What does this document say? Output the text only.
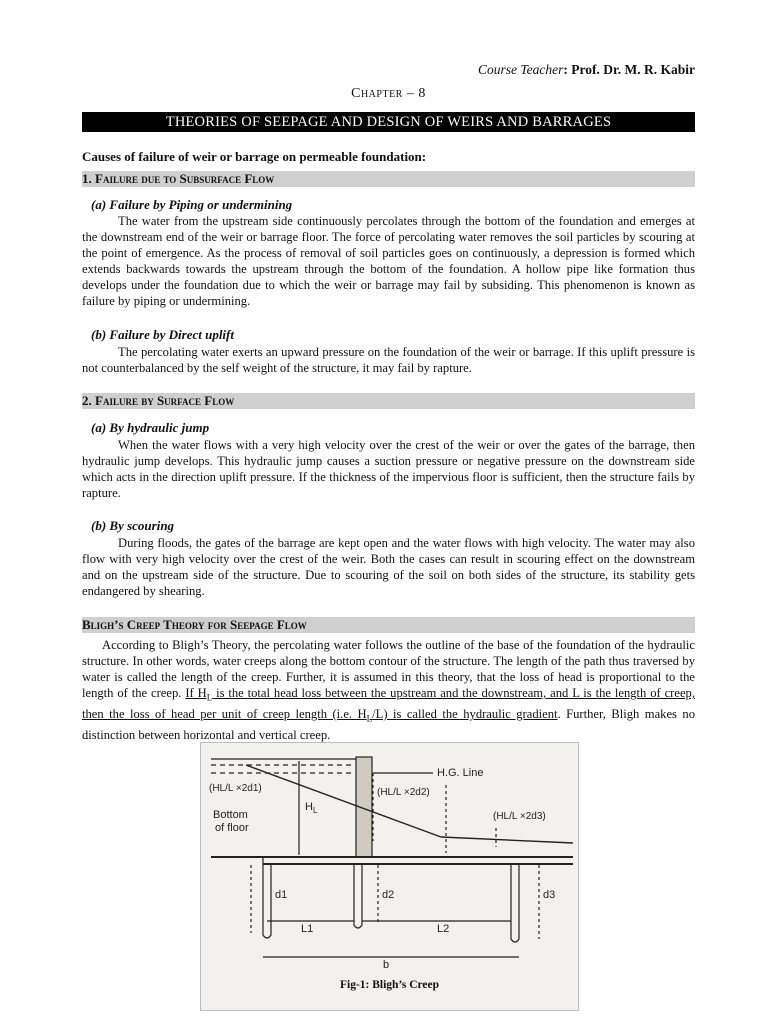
Course Teacher: Prof. Dr. M. R. Kabir
Chapter – 8
THEORIES OF SEEPAGE AND DESIGN OF WEIRS AND BARRAGES
Causes of failure of weir or barrage on permeable foundation:
1. Failure due to Subsurface Flow
(a) Failure by Piping or undermining
The water from the upstream side continuously percolates through the bottom of the foundation and emerges at the downstream end of the weir or barrage floor. The force of percolating water removes the soil particles by scouring at the point of emergence. As the process of removal of soil particles goes on continuously, a depression is formed which extends backwards towards the upstream through the bottom of the foundation. A hollow pipe like formation thus develops under the foundation due to which the weir or barrage may fail by subsiding. This phenomenon is known as failure by piping or undermining.
(b) Failure by Direct uplift
The percolating water exerts an upward pressure on the foundation of the weir or barrage. If this uplift pressure is not counterbalanced by the self weight of the structure, it may fail by rapture.
2. Failure by Surface Flow
(a) By hydraulic jump
When the water flows with a very high velocity over the crest of the weir or over the gates of the barrage, then hydraulic jump develops. This hydraulic jump causes a suction pressure or negative pressure on the downstream side which acts in the direction uplift pressure. If the thickness of the impervious floor is sufficient, then the structure fails by rapture.
(b) By scouring
During floods, the gates of the barrage are kept open and the water flows with high velocity. The water may also flow with very high velocity over the crest of the weir. Both the cases can result in scouring effect on the downstream and on the upstream side of the structure. Due to scouring of the soil on both sides of the structure, its stability gets endangered by shearing.
Bligh’s Creep Theory for Seepage Flow
According to Bligh’s Theory, the percolating water follows the outline of the base of the foundation of the hydraulic structure. In other words, water creeps along the bottom contour of the structure. The length of the path thus traversed by water is called the length of the creep. Further, it is assumed in this theory, that the loss of head is proportional to the length of the creep. If $H_L$ is the total head loss between the upstream and the downstream, and L is the length of creep, then the loss of head per unit of creep length (i.e. $H_L/L$) is called the hydraulic gradient. Further, Bligh makes no distinction between horizontal and vertical creep.
H.G. Line
$H_L$
Bottom
of floor
(HL/L ×2d1)	(HL/L ×2d2)
(HL/L ×2d3)
d1	d2	d3
L1	L2
b
Fig-1: Bligh’s Creep
